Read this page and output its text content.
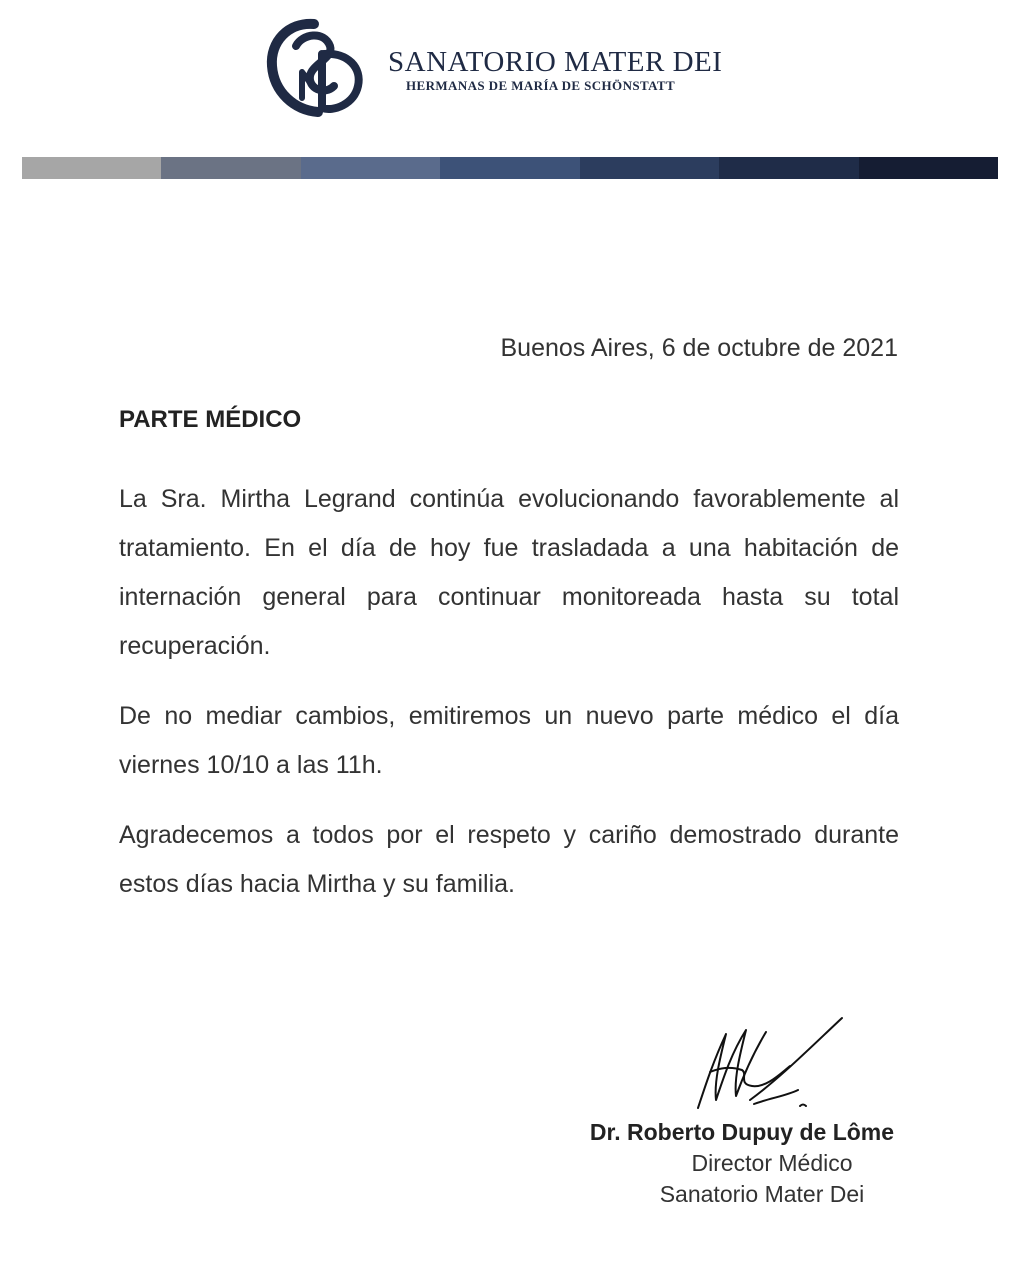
SANATORIO MATER DEI
HERMANAS DE MARÍA DE SCHÖNSTATT
Buenos Aires, 6 de octubre de 2021
PARTE MÉDICO

La Sra. Mirtha Legrand continúa evolucionando favorablemente al tratamiento. En el día de hoy fue trasladada a una habitación de internación general para continuar monitoreada hasta su total recuperación.

De no mediar cambios, emitiremos un nuevo parte médico el día viernes 10/10 a las 11h.

Agradecemos a todos por el respeto y cariño demostrado durante estos días hacia Mirtha y su familia.

Dr. Roberto Dupuy de Lôme
Director Médico
Sanatorio Mater Dei
